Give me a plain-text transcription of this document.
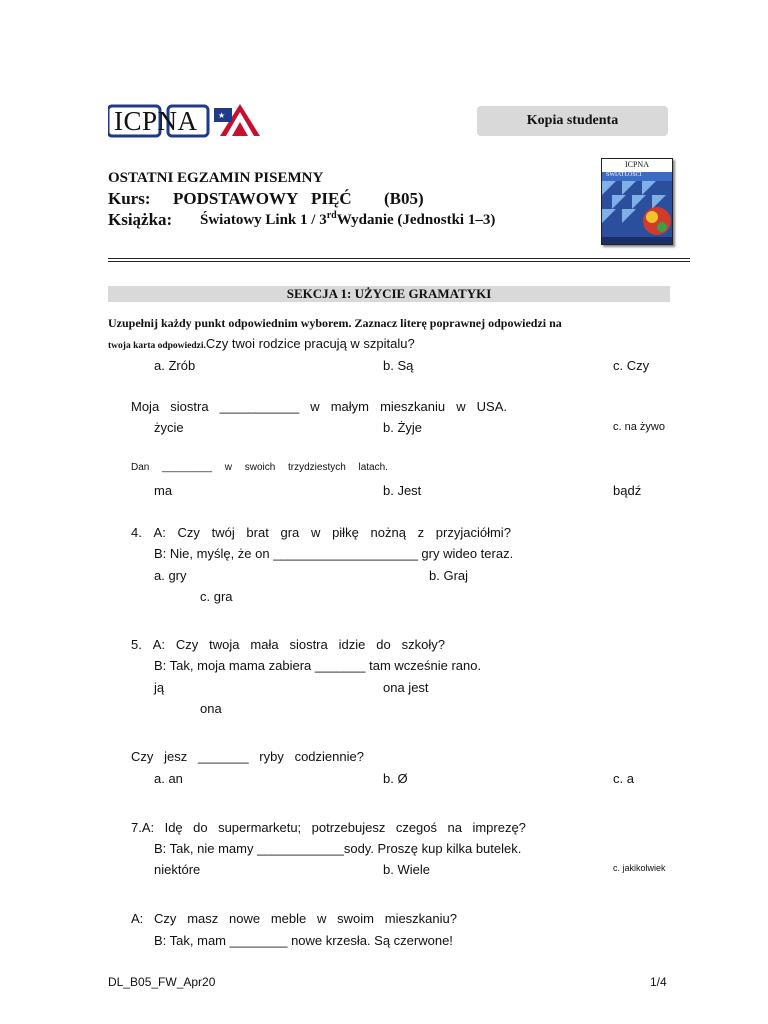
★
ICPNA	Kopia studenta
ICPNA
ŚWIATŁOŚCI
OSTATNI EGZAMIN PISEMNY
Kurs: PODSTAWOWY PIĘĆ (B05)
Książka: Światowy Link 1 / 3rdWydanie (Jednostki 1–3)
SEKCJA 1: UŻYCIE GRAMATYKI
Uzupełnij każdy punkt odpowiednim wyborem. Zaznacz literę poprawnej odpowiedzi na
twoja karta odpowiedzi.Czy twoi rodzice pracują w szpitalu?
a. Zrób	b. Są	c. Czy
Moja siostra ___________ w małym mieszkaniu w USA.
życie	b. Żyje	c. na żywo
Dan _________ w swoich trzydziestych latach.
ma	b. Jest	bądź
4. A: Czy twój brat gra w piłkę nożną z przyjaciółmi?
B: Nie, myślę, że on ____________________ gry wideo teraz.
a. gry	b. Graj
c. gra
5. A: Czy twoja mała siostra idzie do szkoły?
B: Tak, moja mama zabiera _______ tam wcześnie rano.
ją	ona jest
ona
Czy jesz _______ ryby codziennie?
a. an	b. Ø	c. a
7.A: Idę do supermarketu; potrzebujesz czegoś na imprezę?
B: Tak, nie mamy ____________sody. Proszę kup kilka butelek.
niektóre	b. Wiele	c. jakikolwiek
A: Czy masz nowe meble w swoim mieszkaniu?
B: Tak, mam ________ nowe krzesła. Są czerwone!
DL_B05_FW_Apr20	1/4
